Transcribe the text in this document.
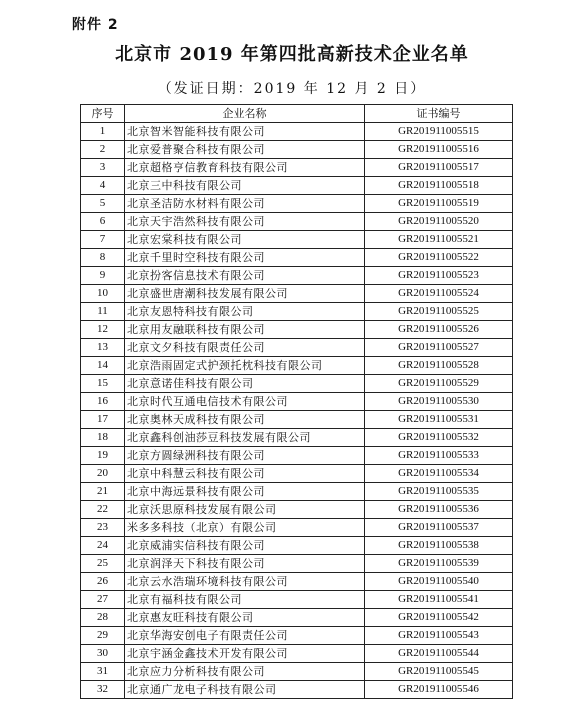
附件 2
北京市 2019 年第四批高新技术企业名单
（发证日期：2019 年 12 月 2 日）
序号	企业名称	证书编号
1	北京智米智能科技有限公司	GR201911005515
2	北京爱普聚合科技有限公司	GR201911005516
3	北京超格亨信教育科技有限公司	GR201911005517
4	北京三中科技有限公司	GR201911005518
5	北京圣洁防水材料有限公司	GR201911005519
6	北京天宇浩然科技有限公司	GR201911005520
7	北京宏棠科技有限公司	GR201911005521
8	北京千里时空科技有限公司	GR201911005522
9	北京扮客信息技术有限公司	GR201911005523
10	北京盛世唐潮科技发展有限公司	GR201911005524
11	北京友恩特科技有限公司	GR201911005525
12	北京用友融联科技有限公司	GR201911005526
13	北京文夕科技有限责任公司	GR201911005527
14	北京浩雨固定式护颈托枕科技有限公司	GR201911005528
15	北京意诺佳科技有限公司	GR201911005529
16	北京时代互通电信技术有限公司	GR201911005530
17	北京奥林天成科技有限公司	GR201911005531
18	北京鑫科创油莎豆科技发展有限公司	GR201911005532
19	北京方圆绿洲科技有限公司	GR201911005533
20	北京中科慧云科技有限公司	GR201911005534
21	北京中海远景科技有限公司	GR201911005535
22	北京沃思原科技发展有限公司	GR201911005536
23	米多多科技（北京）有限公司	GR201911005537
24	北京威浦实信科技有限公司	GR201911005538
25	北京润泽天下科技有限公司	GR201911005539
26	北京云水浩瑞环境科技有限公司	GR201911005540
27	北京有福科技有限公司	GR201911005541
28	北京惠友旺科技有限公司	GR201911005542
29	北京华海安创电子有限责任公司	GR201911005543
30	北京宇涵金鑫技术开发有限公司	GR201911005544
31	北京应力分析科技有限公司	GR201911005545
32	北京通广龙电子科技有限公司	GR201911005546
